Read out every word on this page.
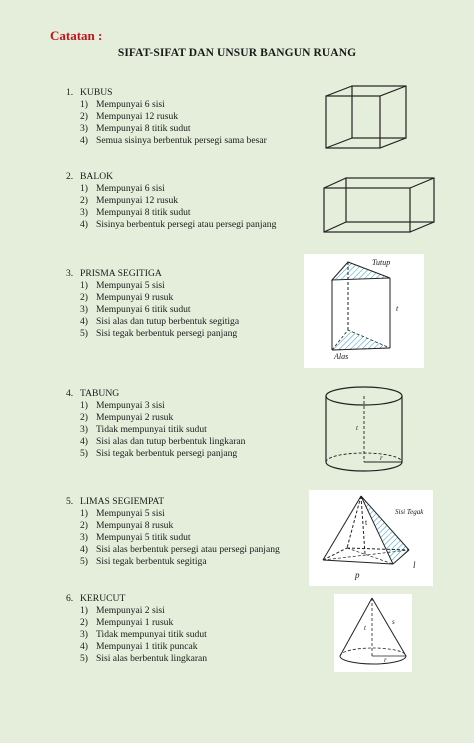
Catatan :
SIFAT-SIFAT DAN UNSUR BANGUN RUANG
1. KUBUS
1) Mempunyai 6 sisi
2) Mempunyai 12 rusuk
3) Mempunyai 8 titik sudut
4) Semua sisinya berbentuk persegi sama besar
2. BALOK
1) Mempunyai 6 sisi
2) Mempunyai 12 rusuk
3) Mempunyai 8 titik sudut
4) Sisinya berbentuk persegi atau persegi panjang
3. PRISMA SEGITIGA
1) Mempunyai 5 sisi
2) Mempunyai 9 rusuk
3) Mempunyai 6 titik sudut
4) Sisi alas dan tutup berbentuk segitiga
5) Sisi tegak berbentuk persegi panjang
4. TABUNG
1) Mempunyai 3 sisi
2) Mempunyai 2 rusuk
3) Tidak mempunyai titik sudut
4) Sisi alas dan tutup berbentuk lingkaran
5) Sisi tegak berbentuk persegi panjang
5. LIMAS SEGIEMPAT
1) Mempunyai 5 sisi
2) Mempunyai 8 rusuk
3) Mempunyai 5 titik sudut
4) Sisi alas berbentuk persegi atau persegi panjang
5) Sisi tegak berbentuk segitiga
6. KERUCUT
1) Mempunyai 2 sisi
2) Mempunyai 1 rusuk
3) Tidak mempunyai titik sudut
4) Mempunyai 1 titik puncak
5) Sisi alas berbentuk lingkaran
Tutup
t
Alas
t
r
Sisi Tegak
t
p
l
t
s
r
